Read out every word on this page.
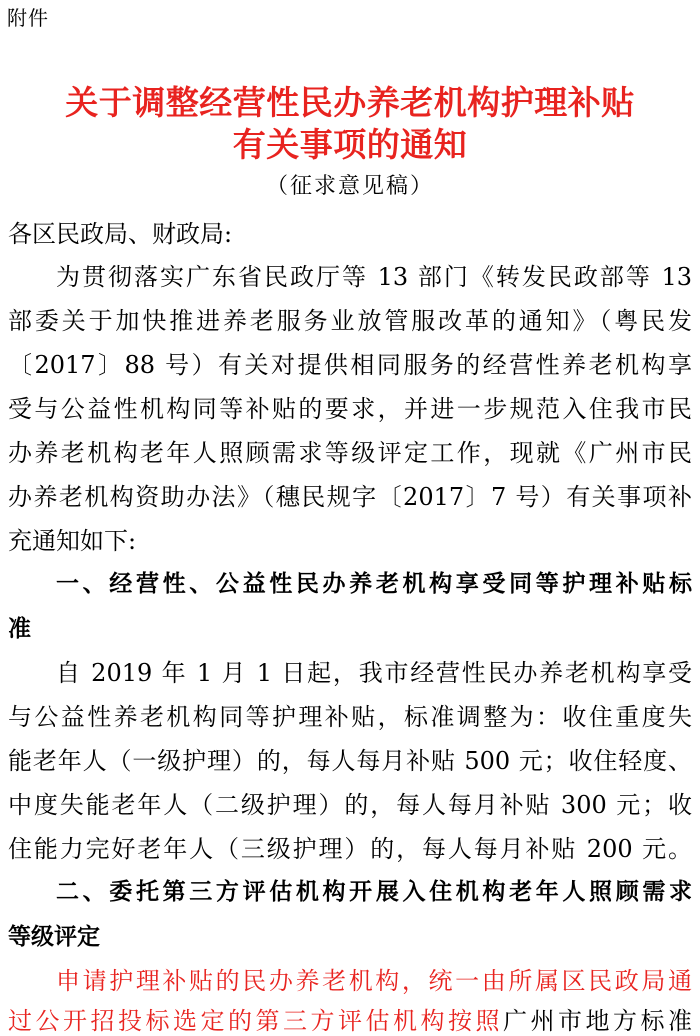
附件
关于调整经营性民办养老机构护理补贴
有关事项的通知
（征求意见稿）
各区民政局、财政局:
为贯彻落实广东省民政厅等 13 部门《转发民政部等 13
部委关于加快推进养老服务业放管服改革的通知》（粤民发
〔2017〕88 号）有关对提供相同服务的经营性养老机构享
受与公益性机构同等补贴的要求，并进一步规范入住我市民
办养老机构老年人照顾需求等级评定工作，现就《广州市民
办养老机构资助办法》（穗民规字〔2017〕7 号）有关事项补
充通知如下:
一、经营性、公益性民办养老机构享受同等护理补贴标
准
自 2019 年 1 月 1 日起，我市经营性民办养老机构享受
与公益性养老机构同等护理补贴，标准调整为：收住重度失
能老年人（一级护理）的，每人每月补贴 500 元；收住轻度、
中度失能老年人（二级护理）的，每人每月补贴 300 元；收
住能力完好老年人（三级护理）的，每人每月补贴 200 元。
二、委托第三方评估机构开展入住机构老年人照顾需求
等级评定
申请护理补贴的民办养老机构，统一由所属区民政局通
过公开招投标选定的第三方评估机构按照广州市地方标准
